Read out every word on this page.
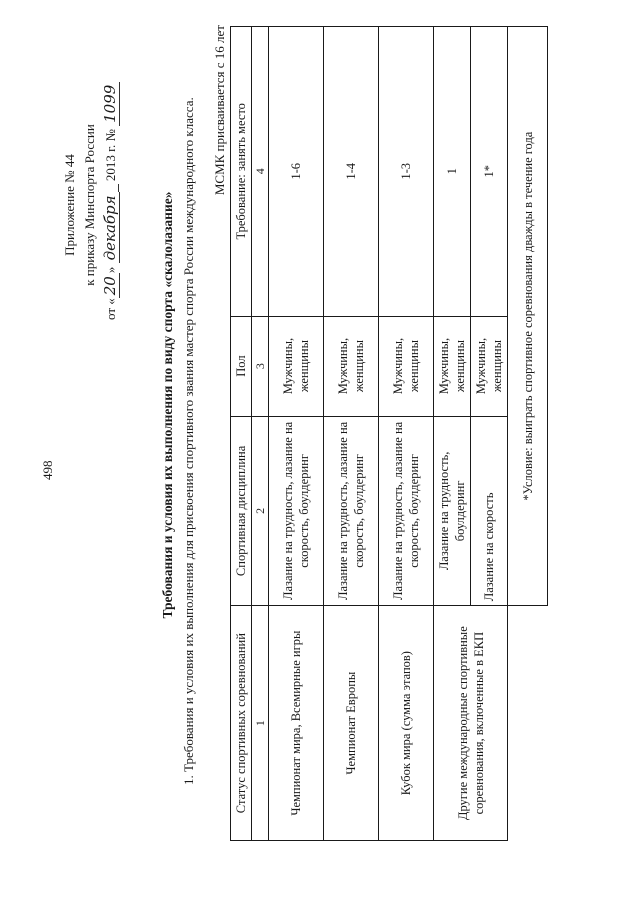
498
Приложение № 44 к приказу Минспорта России
от «20» декабря 2013 г. № 1099
Требования и условия их выполнения по виду спорта «скалолазание» 1. Требования и условия их выполнения для присвоения спортивного звания мастер спорта России международного класса. МСМК присваивается с 16 лет
Статус спортивных соревнований	Спортивная дисциплина	Пол	Требование: занять место
1	2	3	4
Чемпионат мира, Всемирные игры	Лазание на трудность, лазание на скорость, боулдеринг	Мужчины, женщины	1-6
Чемпионат Европы	Лазание на трудность, лазание на скорость, боулдеринг	Мужчины, женщины	1-4
Кубок мира (сумма этапов)	Лазание на трудность, лазание на скорость, боулдеринг	Мужчины, женщины	1-3
Другие международные спортивные соревнования, включенные в ЕКП	Лазание на трудность, боулдеринг	Мужчины, женщины	1
	Лазание на скорость	Мужчины, женщины	1*
	*Условие: выиграть спортивное соревнования дважды в течение года		
